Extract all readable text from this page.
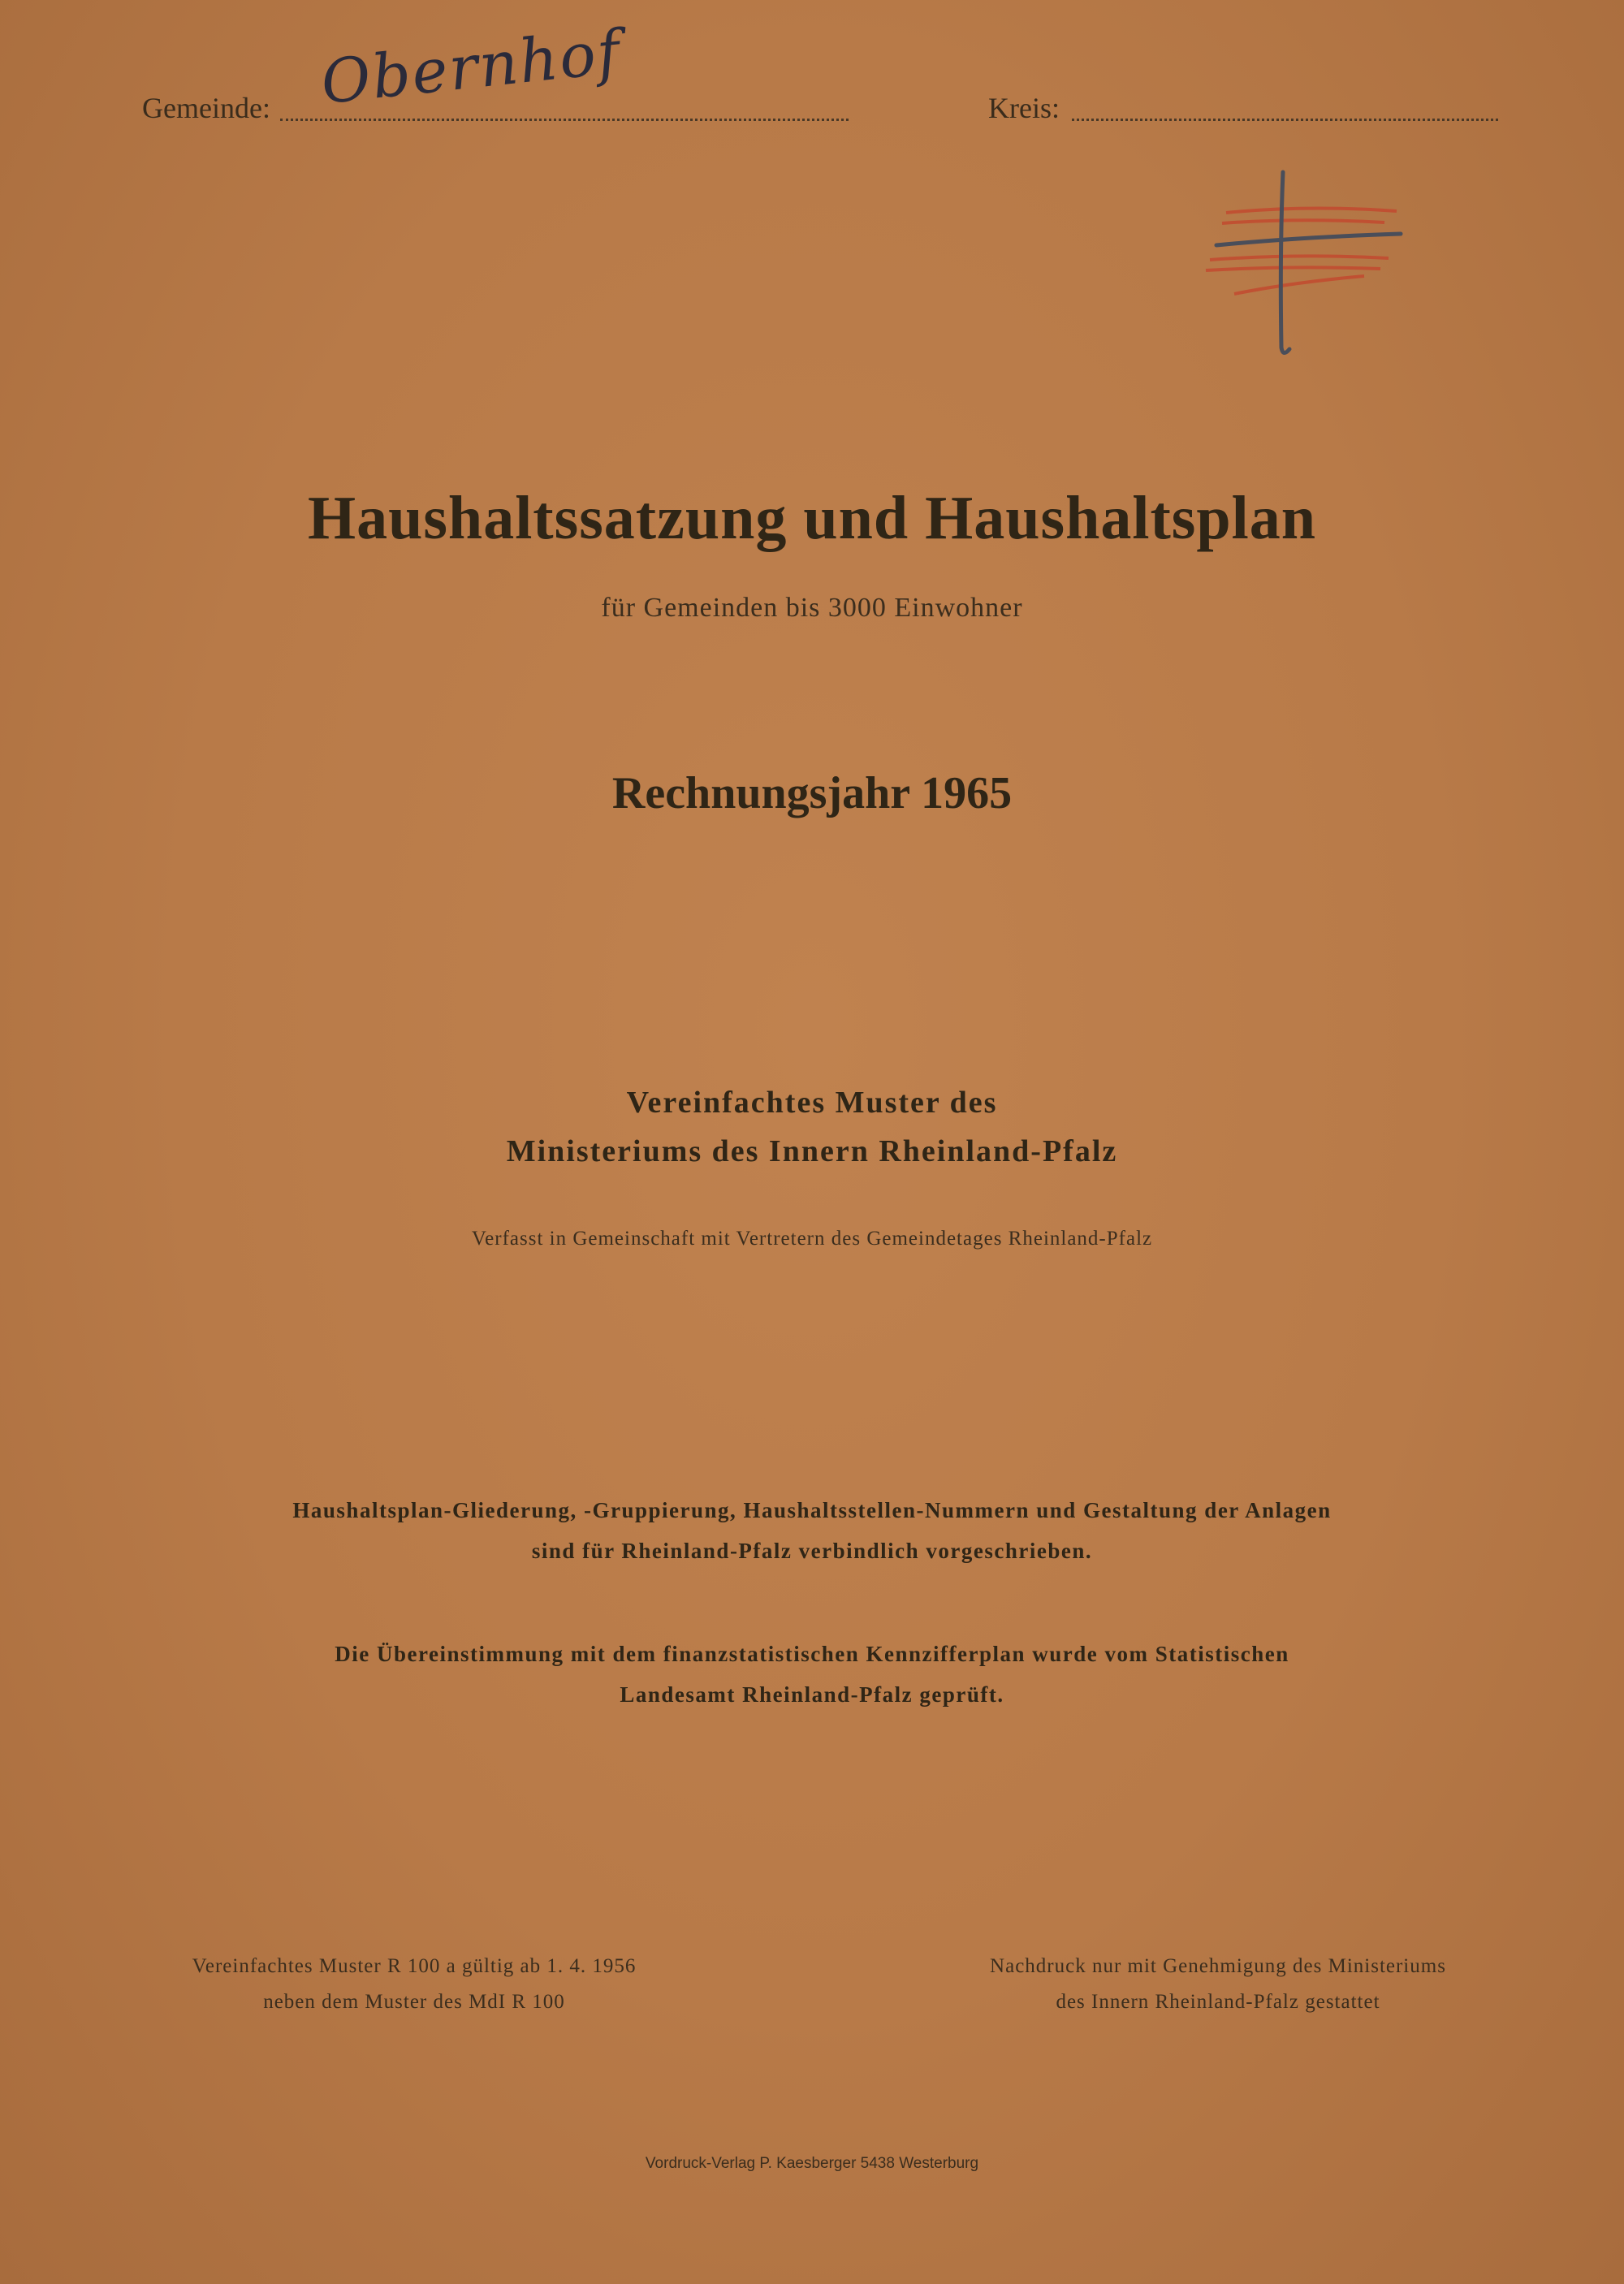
Gemeinde: Obernhof	Kreis:
Haushaltssatzung und Haushaltsplan
für Gemeinden bis 3000 Einwohner
Rechnungsjahr 1965
Vereinfachtes Muster des
Ministeriums des Innern Rheinland-Pfalz
Verfasst in Gemeinschaft mit Vertretern des Gemeindetages Rheinland-Pfalz
Haushaltsplan-Gliederung, -Gruppierung, Haushaltsstellen-Nummern und Gestaltung der Anlagen
sind für Rheinland-Pfalz verbindlich vorgeschrieben.
Die Übereinstimmung mit dem finanzstatistischen Kennzifferplan wurde vom Statistischen
Landesamt Rheinland-Pfalz geprüft.
Vereinfachtes Muster R 100 a gültig ab 1. 4. 1956
neben dem Muster des MdI R 100
Nachdruck nur mit Genehmigung des Ministeriums
des Innern Rheinland-Pfalz gestattet
Vordruck-Verlag P. Kaesberger 5438 Westerburg
